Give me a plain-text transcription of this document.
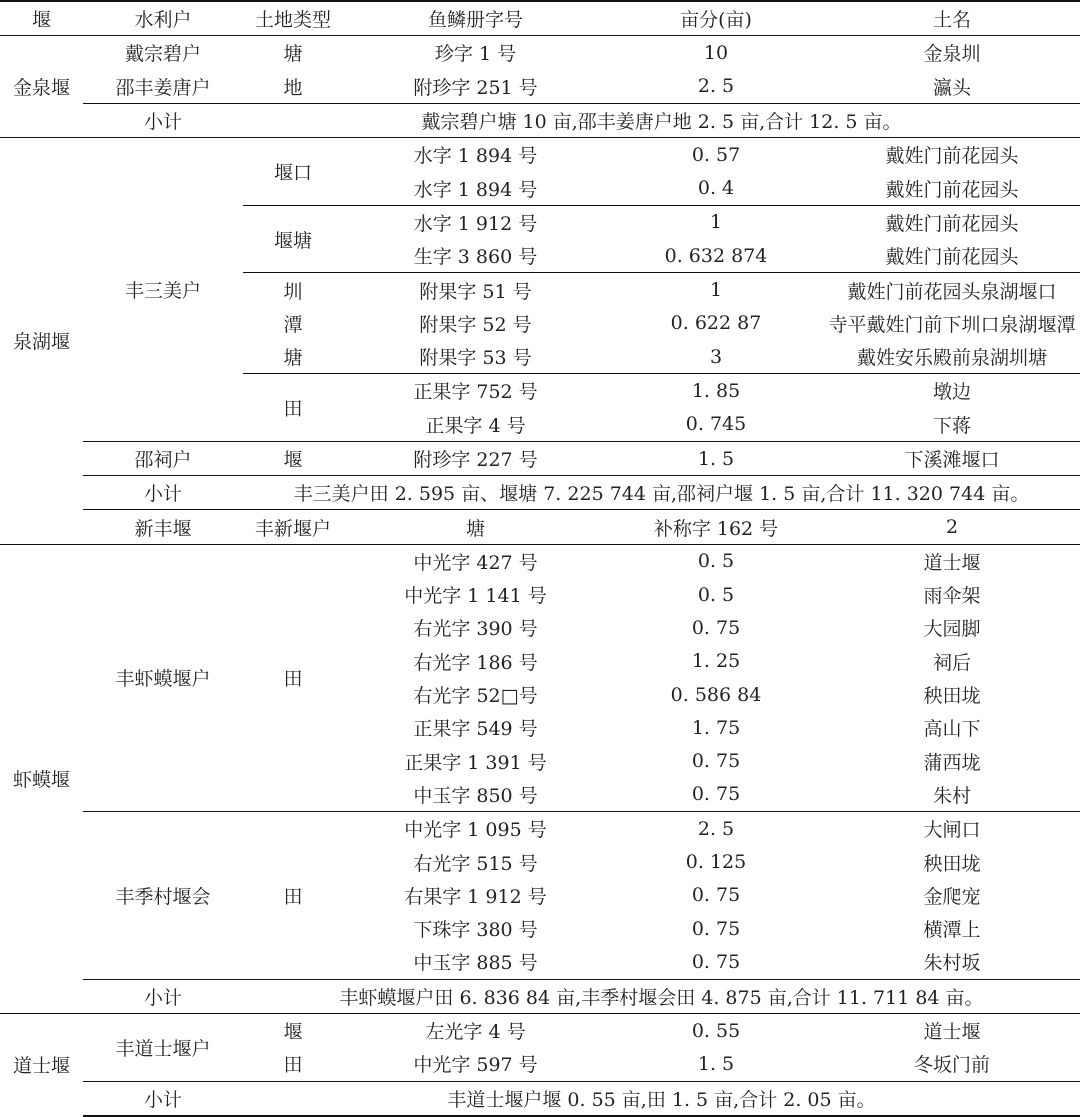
堰	水利户	土地类型	鱼鳞册字号	亩分(亩)	土名	
金泉堰	戴宗碧户	塘	珍字 1 号	10	金泉圳	
	邵丰姜唐户	地	附珍字 251 号	2. 5	瀛头	
	小计	戴宗碧户塘 10 亩,邵丰姜唐户地 2. 5 亩,合计 12. 5 亩。				
泉湖堰	丰三美户	堰口	水字 1 894 号	0. 57	戴姓门前花园头	
			水字 1 894 号	0. 4	戴姓门前花园头	
		堰塘	水字 1 912 号	1	戴姓门前花园头	
			生字 3 860 号	0. 632 874	戴姓门前花园头	
		圳	附果字 51 号	1	戴姓门前花园头泉湖堰口	
		潭	附果字 52 号	0. 622 87	寺平戴姓门前下圳口泉湖堰潭	
		塘	附果字 53 号	3	戴姓安乐殿前泉湖圳塘	
		田	正果字 752 号	1. 85	墩边	
			正果字 4 号	0. 745	下蒋	
	邵祠户	堰	附珍字 227 号	1. 5	下溪滩堰口	
	小计	丰三美户田 2. 595 亩、堰塘 7. 225 744 亩,邵祠户堰 1. 5 亩,合计 11. 320 744 亩。				
	新丰堰	丰新堰户	塘	补称字 162 号	2	
虾蟆堰	丰虾蟆堰户	田	中光字 427 号	0. 5	道士堰	
			中光字 1 141 号	0. 5	雨伞架	
			右光字 390 号	0. 75	大园脚	
			右光字 186 号	1. 25	祠后	
			右光字 52□号	0. 586 84	秧田垅	
			正果字 549 号	1. 75	高山下	
			正果字 1 391 号	0. 75	蒲西垅	
			中玉字 850 号	0. 75	朱村	
	丰季村堰会	田	中光字 1 095 号	2. 5	大闸口	
			右光字 515 号	0. 125	秧田垅	
			右果字 1 912 号	0. 75	金爬宠	
			下珠字 380 号	0. 75	横潭上	
			中玉字 885 号	0. 75	朱村坂	
	小计	丰虾蟆堰户田 6. 836 84 亩,丰季村堰会田 4. 875 亩,合计 11. 711 84 亩。				
道士堰	丰道士堰户	堰	左光字 4 号	0. 55	道士堰	
		田	中光字 597 号	1. 5	冬坂门前	
	小计	丰道士堰户堰 0. 55 亩,田 1. 5 亩,合计 2. 05 亩。				
